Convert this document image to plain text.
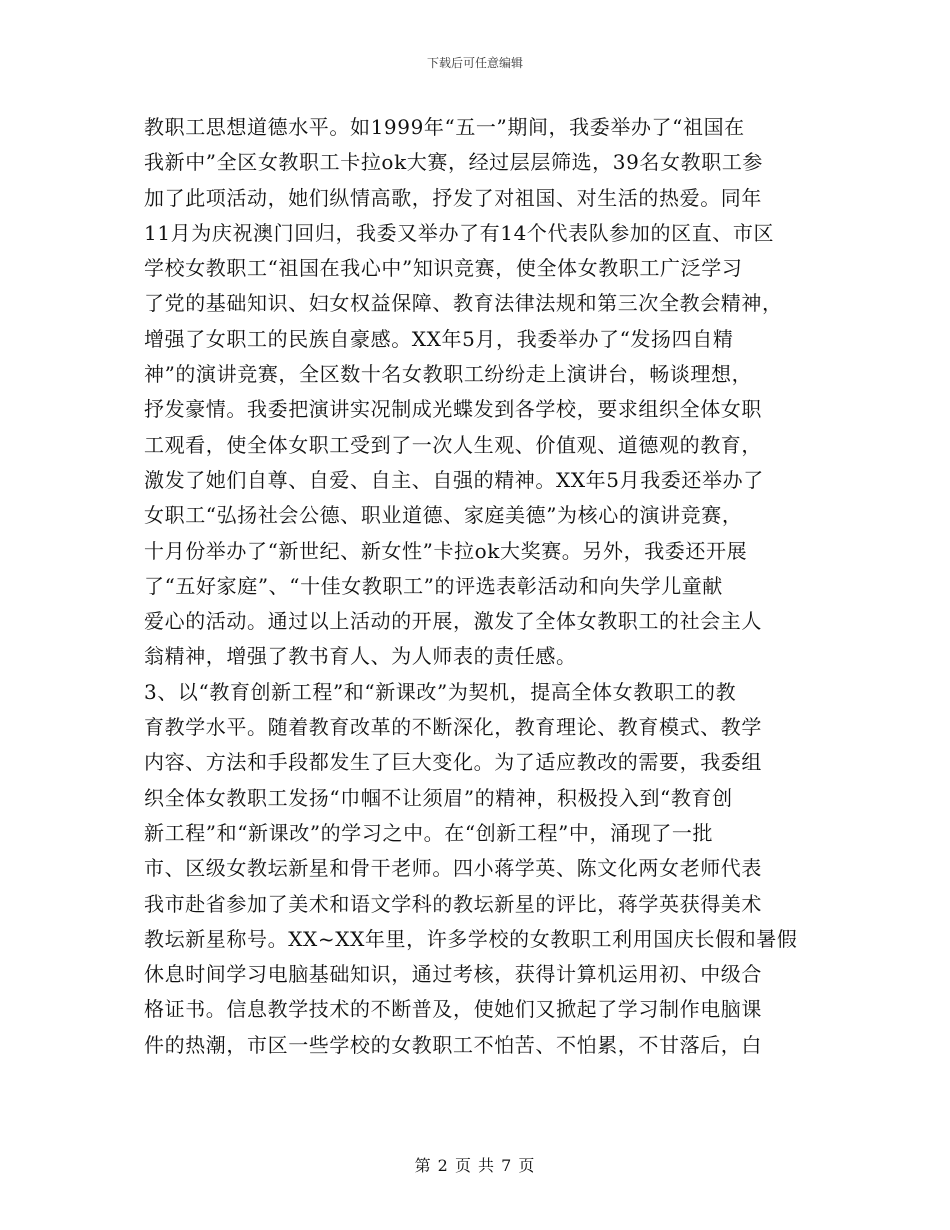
下载后可任意编辑
教职工思想道德水平。如1999年“五一”期间，我委举办了“祖国在
我新中”全区女教职工卡拉ok大赛，经过层层筛选，39名女教职工参
加了此项活动，她们纵情高歌，抒发了对祖国、对生活的热爱。同年
11月为庆祝澳门回归，我委又举办了有14个代表队参加的区直、市区
学校女教职工“祖国在我心中”知识竞赛，使全体女教职工广泛学习
了党的基础知识、妇女权益保障、教育法律法规和第三次全教会精神，
增强了女职工的民族自豪感。XX年5月，我委举办了“发扬四自精
神”的演讲竞赛，全区数十名女教职工纷纷走上演讲台，畅谈理想，
抒发豪情。我委把演讲实况制成光蝶发到各学校，要求组织全体女职
工观看，使全体女职工受到了一次人生观、价值观、道德观的教育，
激发了她们自尊、自爱、自主、自强的精神。XX年5月我委还举办了
女职工“弘扬社会公德、职业道德、家庭美德”为核心的演讲竞赛，
十月份举办了“新世纪、新女性”卡拉ok大奖赛。另外，我委还开展
了“五好家庭”、“十佳女教职工”的评选表彰活动和向失学儿童献
爱心的活动。通过以上活动的开展，激发了全体女教职工的社会主人
翁精神，增强了教书育人、为人师表的责任感。
3、以“教育创新工程”和“新课改”为契机，提高全体女教职工的教
育教学水平。随着教育改革的不断深化，教育理论、教育模式、教学
内容、方法和手段都发生了巨大变化。为了适应教改的需要，我委组
织全体女教职工发扬“巾帼不让须眉”的精神，积极投入到“教育创
新工程”和“新课改”的学习之中。在“创新工程”中，涌现了一批
市、区级女教坛新星和骨干老师。四小蒋学英、陈文化两女老师代表
我市赴省参加了美术和语文学科的教坛新星的评比，蒋学英获得美术
教坛新星称号。XX~XX年里，许多学校的女教职工利用国庆长假和暑假
休息时间学习电脑基础知识，通过考核，获得计算机运用初、中级合
格证书。信息教学技术的不断普及，使她们又掀起了学习制作电脑课
件的热潮，市区一些学校的女教职工不怕苦、不怕累，不甘落后，白
第 2 页 共 7 页
